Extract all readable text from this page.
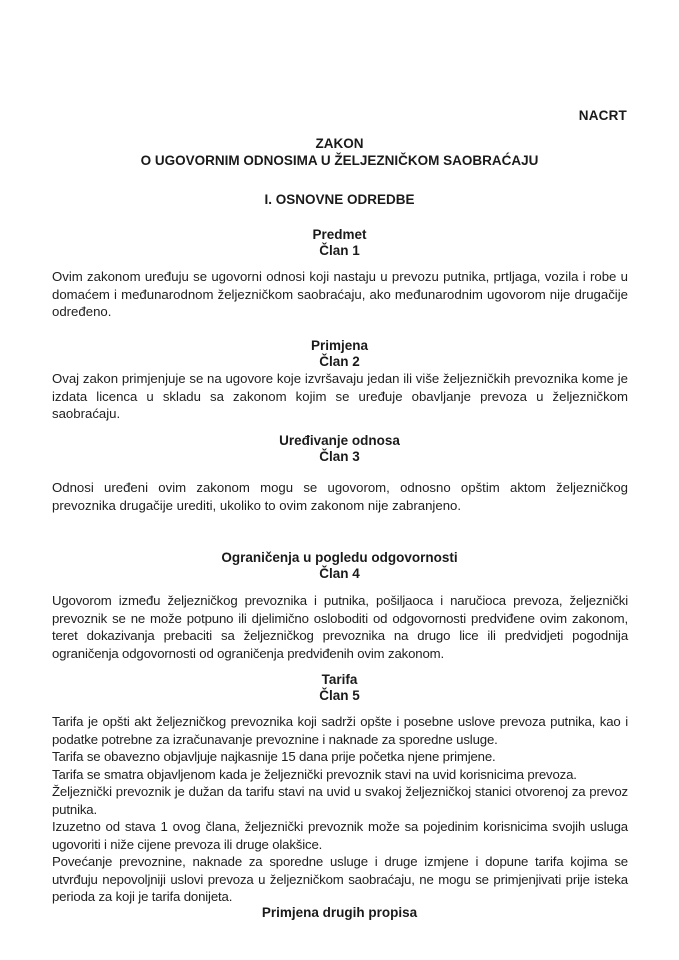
NACRT
ZAKON
O UGOVORNIM ODNOSIMA U ŽELJEZNIČKOM SAOBRAĆAJU
I. OSNOVNE ODREDBE
Predmet
Član 1

Ovim zakonom uređuju se ugovorni odnosi koji nastaju u prevozu putnika, prtljaga, vozila i robe u domaćem i međunarodnom željezničkom saobraćaju, ako međunarodnim ugovorom nije drugačije određeno.

Primjena
Član 2

Ovaj zakon primjenjuje se na ugovore koje izvršavaju jedan ili više željezničkih prevoznika kome je izdata licenca u skladu sa zakonom kojim se uređuje obavljanje prevoza u željezničkom saobraćaju.

Uređivanje odnosa
Član 3

Odnosi uređeni ovim zakonom mogu se ugovorom, odnosno opštim aktom željezničkog prevoznika drugačije urediti, ukoliko to ovim zakonom nije zabranjeno.

Ograničenja u pogledu odgovornosti
Član 4

Ugovorom između željezničkog prevoznika i putnika, pošiljaoca i naručioca prevoza, željeznički prevoznik se ne može potpuno ili djelimično osloboditi od odgovornosti predviđene ovim zakonom, teret dokazivanja prebaciti sa željezničkog prevoznika na drugo lice ili predvidjeti pogodnija ograničenja odgovornosti od ograničenja predviđenih ovim zakonom.

Tarifa
Član 5

Tarifa je opšti akt željezničkog prevoznika koji sadrži opšte i posebne uslove prevoza putnika, kao i podatke potrebne za izračunavanje prevoznine i naknade za sporedne usluge.

Tarifa se obavezno objavljuje najkasnije 15 dana prije početka njene primjene.

Tarifa se smatra objavljenom kada je željeznički prevoznik stavi na uvid korisnicima prevoza.

Željeznički prevoznik je dužan da tarifu stavi na uvid u svakoj željezničkoj stanici otvorenoj za prevoz putnika.

Izuzetno od stava 1 ovog člana, željeznički prevoznik može sa pojedinim korisnicima svojih usluga ugovoriti i niže cijene prevoza ili druge olakšice.

Povećanje prevoznine, naknade za sporedne usluge i druge izmjene i dopune tarifa kojima se utvrđuju nepovoljniji uslovi prevoza u željezničkom saobraćaju, ne mogu se primjenjivati prije isteka perioda za koji je tarifa donijeta.

Primjena drugih propisa
